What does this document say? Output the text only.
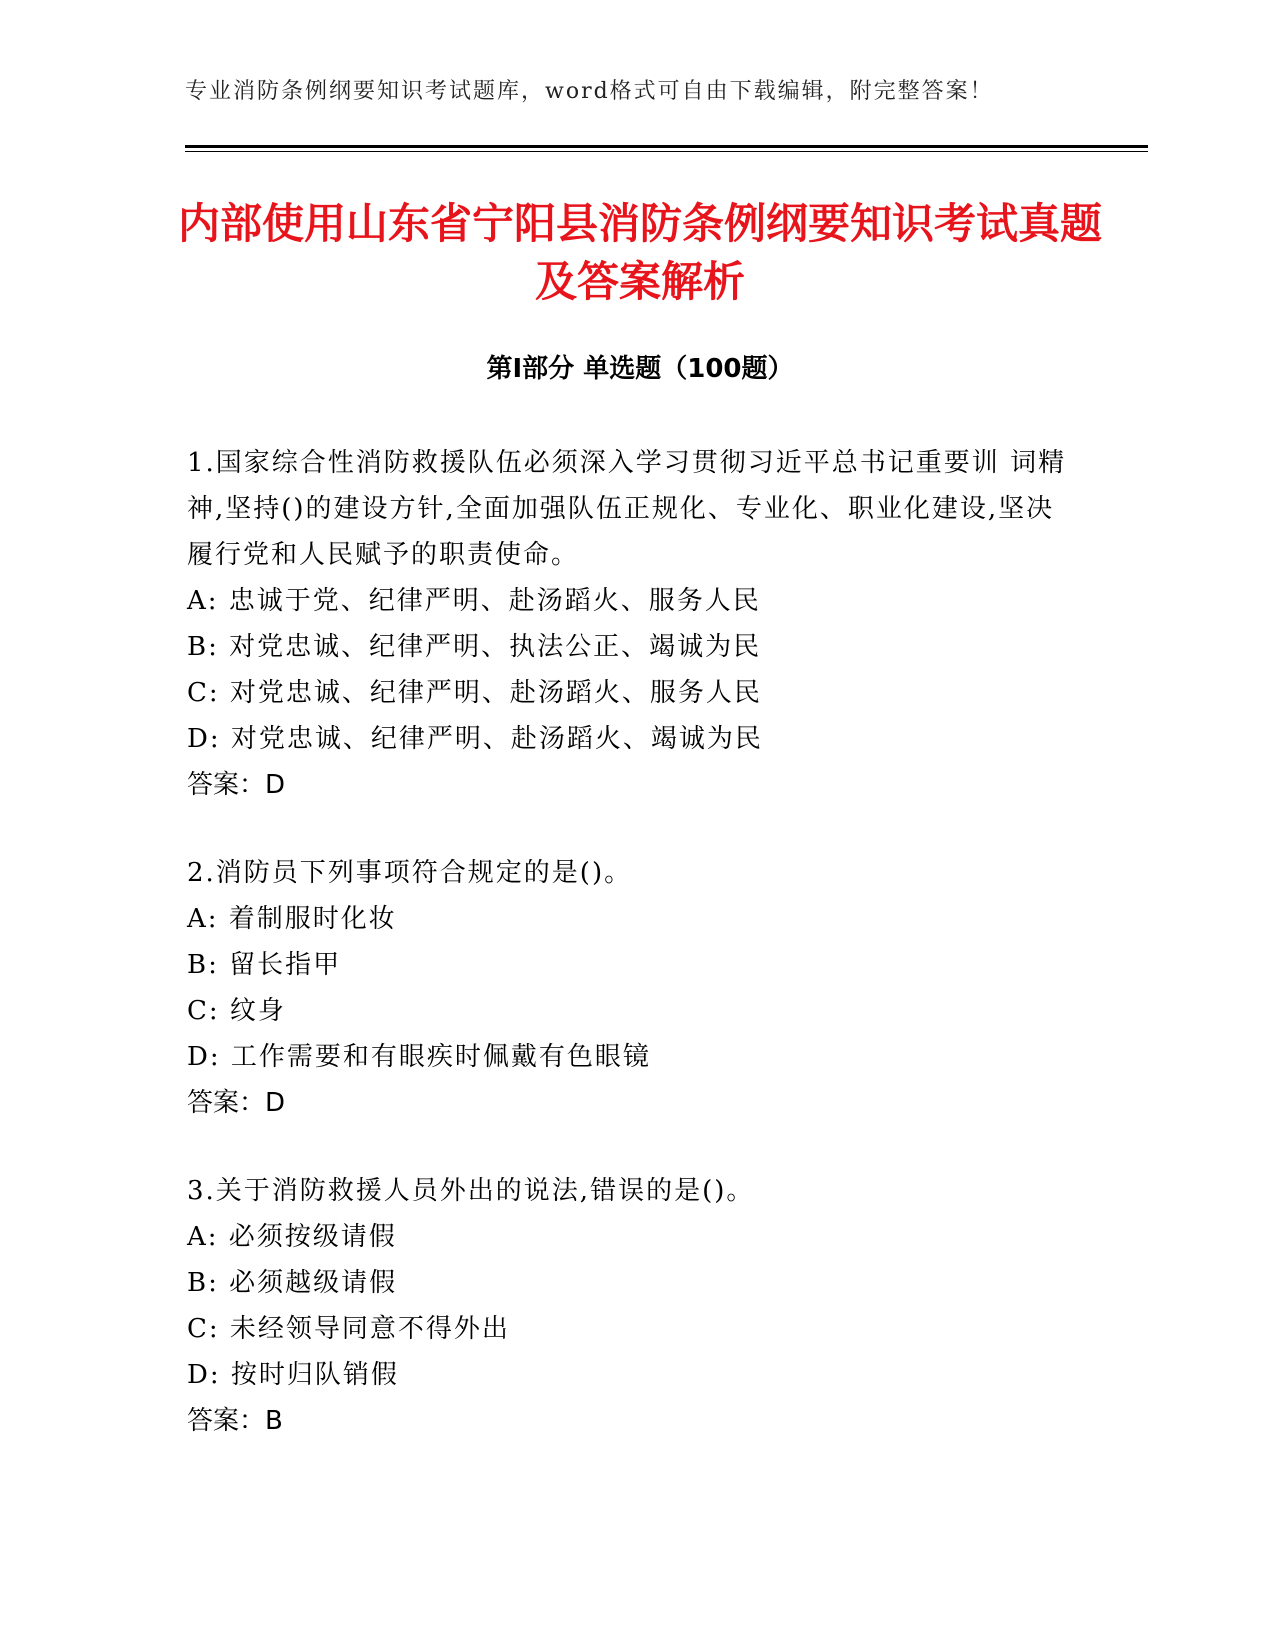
专业消防条例纲要知识考试题库，word格式可自由下载编辑，附完整答案！
内部使用山东省宁阳县消防条例纲要知识考试真题及答案解析
第Ⅰ部分 单选题（100题）

1.国家综合性消防救援队伍必须深入学习贯彻习近平总书记重要训 词精神,坚持()的建设方针,全面加强队伍正规化、专业化、职业化建设,坚决履行党和人民赋予的职责使命。

A: 忠诚于党、纪律严明、赴汤蹈火、服务人民
B: 对党忠诚、纪律严明、执法公正、竭诚为民
C: 对党忠诚、纪律严明、赴汤蹈火、服务人民
D: 对党忠诚、纪律严明、赴汤蹈火、竭诚为民

答案：D

2.消防员下列事项符合规定的是()。

A: 着制服时化妆
B: 留长指甲
C: 纹身
D: 工作需要和有眼疾时佩戴有色眼镜

答案：D

3.关于消防救援人员外出的说法,错误的是()。

A: 必须按级请假
B: 必须越级请假
C: 未经领导同意不得外出
D: 按时归队销假

答案：B
